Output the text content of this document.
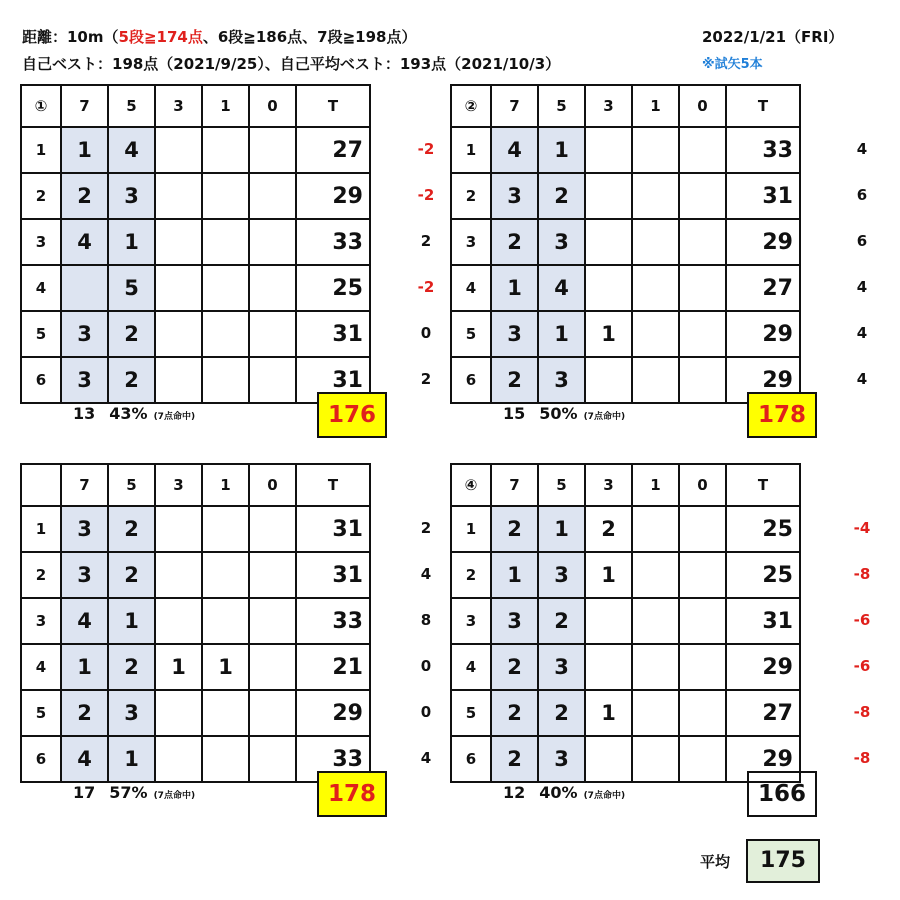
距離：10m（5段≧174点、6段≧186点、7段≧198点）
自己ベスト：198点（2021/9/25）、自己平均ベスト：193点（2021/10/3）
2022/1/21（FRI）
※試矢5本
-2
-2
2
-2
0
2
①	7	5	3	1	0	T
1	1	4				27
2	2	3				29
3	4	1				33
4		5				25
5	3	2				31
6	3	2				31
13 43% (7点命中)	176
4
6
6
4
4
4
②	7	5	3	1	0	T
1	4	1				33
2	3	2				31
3	2	3				29
4	1	4				27
5	3	1	1			29
6	2	3				29
15 50% (7点命中)	178
2
4
8
0
0
4
	7	5	3	1	0	T
1	3	2				31
2	3	2				31
3	4	1				33
4	1	2	1	1		21
5	2	3				29
6	4	1				33
17 57% (7点命中)	178
-4
-8
-6
-6
-8
-8
④	7	5	3	1	0	T
1	2	1	2			25
2	1	3	1			25
3	3	2				31
4	2	3				29
5	2	2	1			27
6	2	3				29
12 40% (7点命中)	166
平均	175
